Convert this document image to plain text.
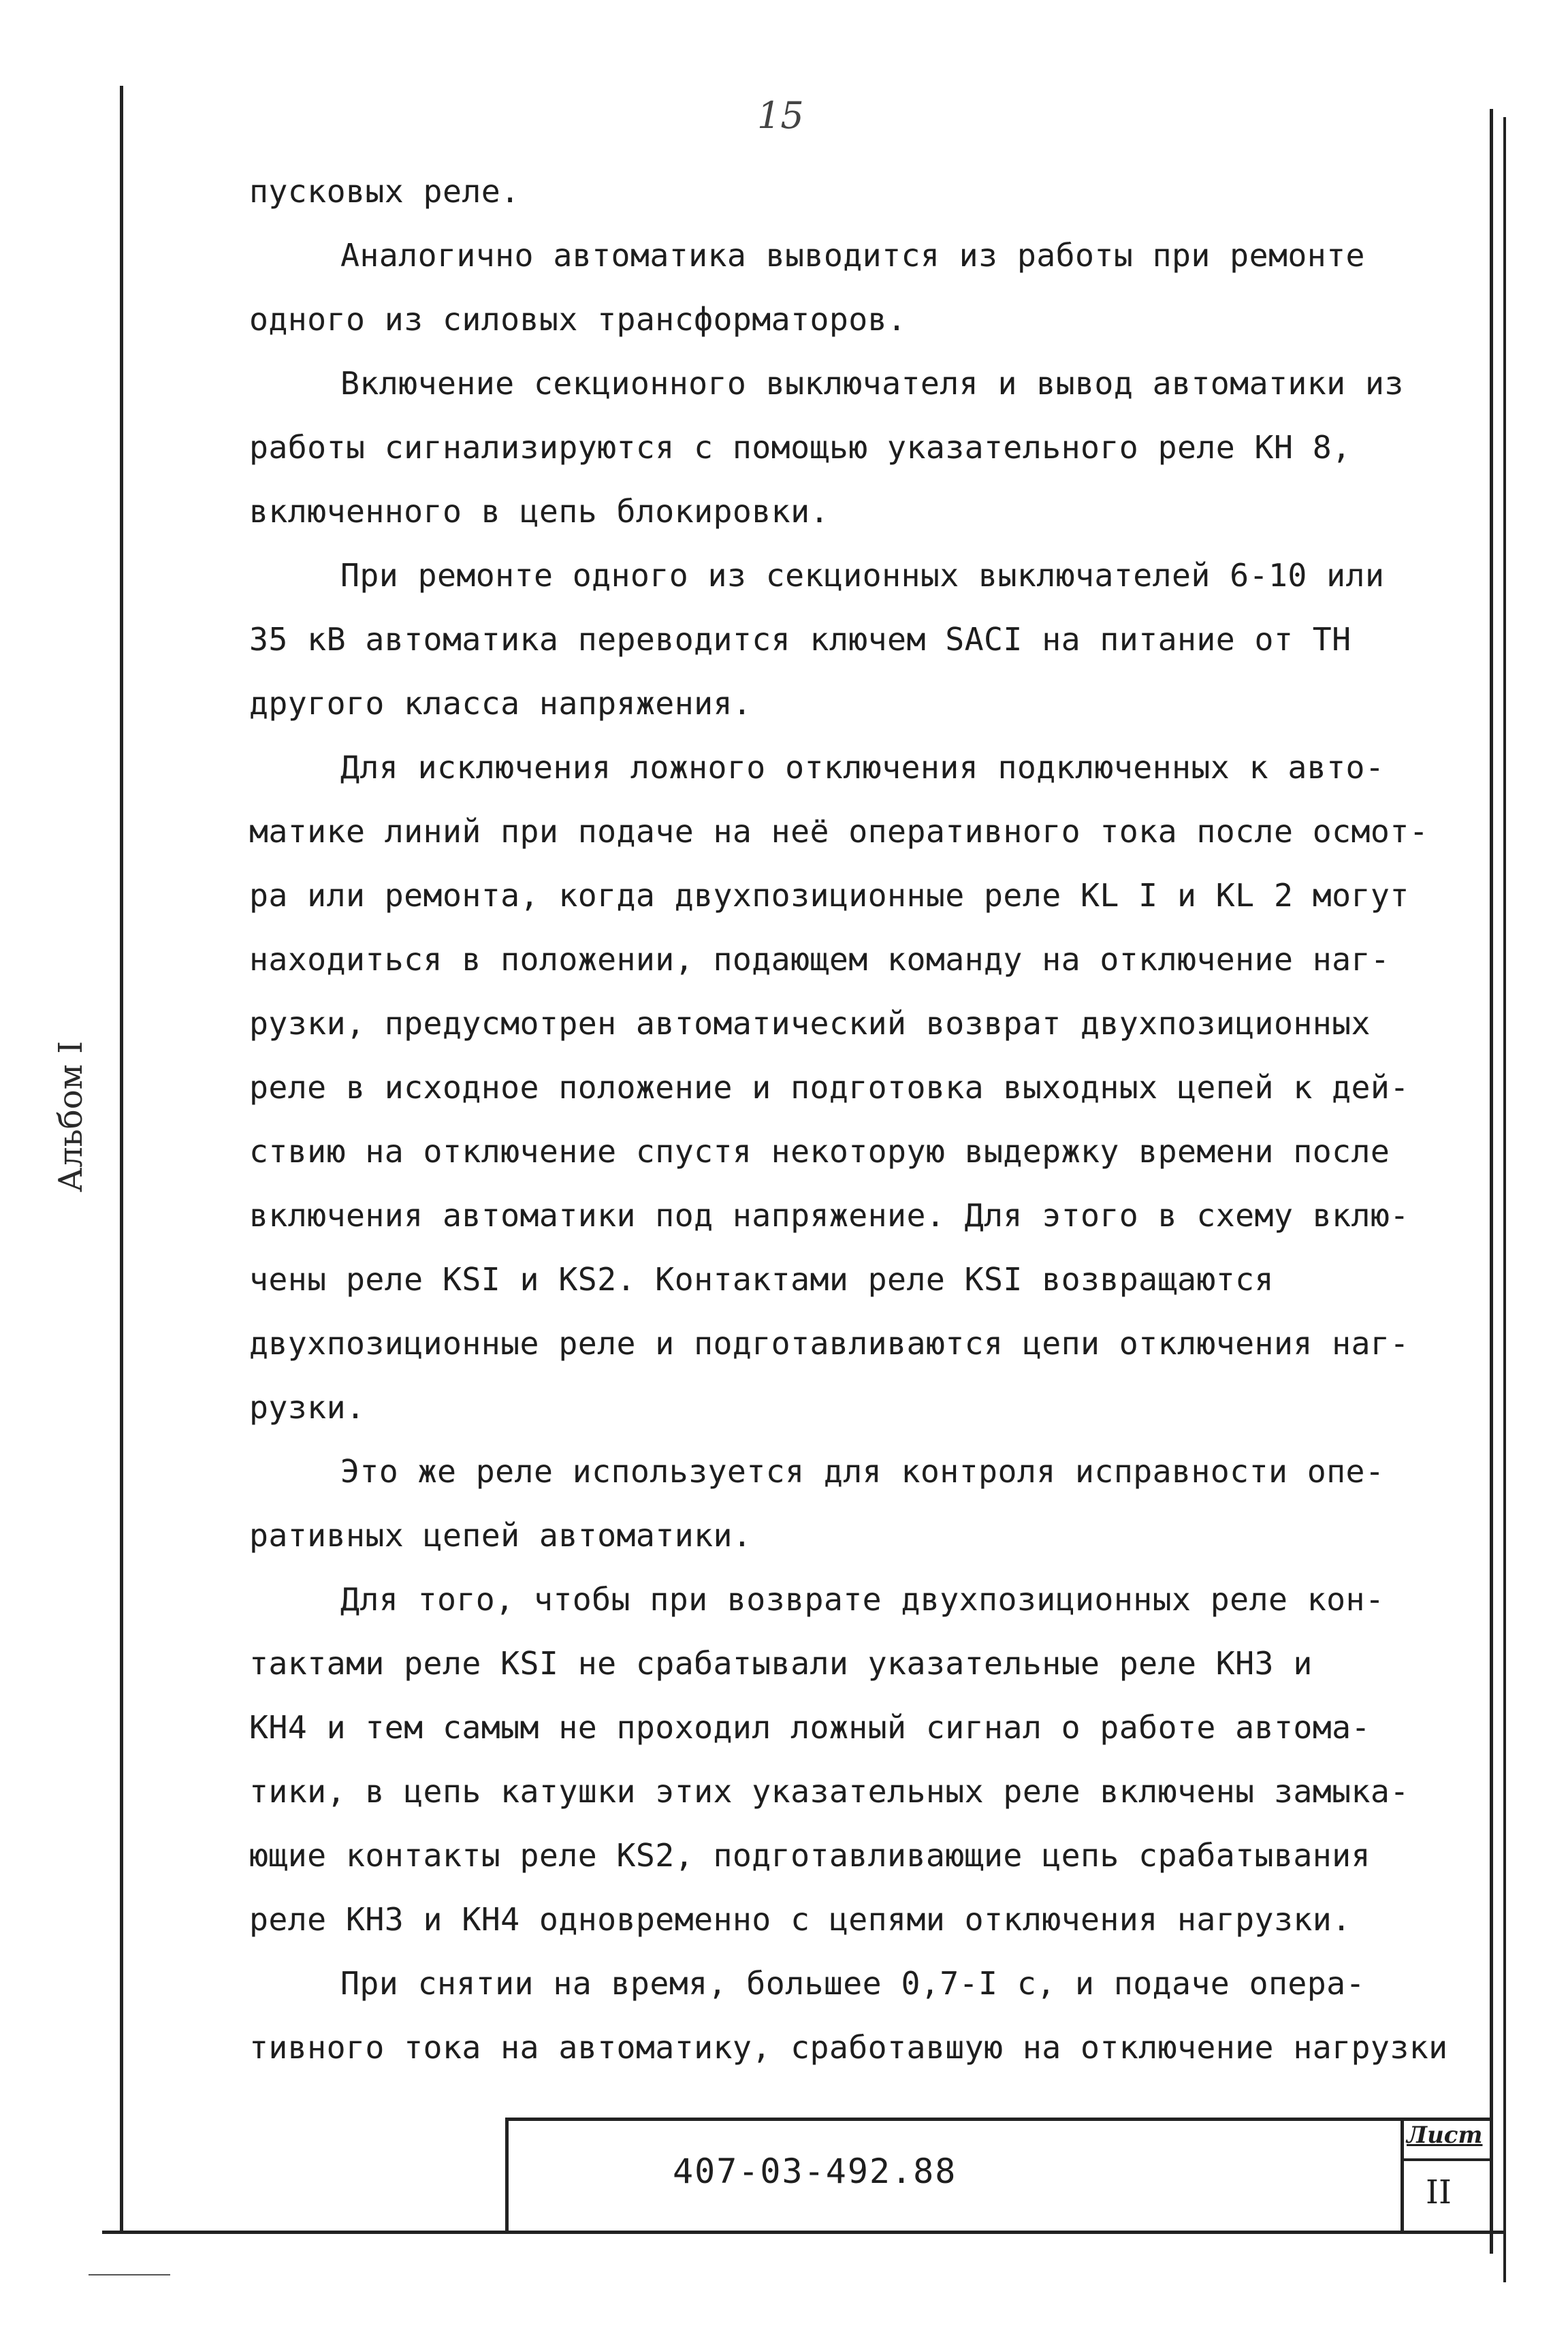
15
Альбом I
пусковых реле.
Аналогично автоматика выводится из работы при ремонте
одного из силовых трансформаторов.
Включение секционного выключателя и вывод автоматики из
работы сигнализируются с помощью указательного реле КН 8,
включенного в цепь блокировки.
При ремонте одного из секционных выключателей 6-10 или
35 кВ автоматика переводится ключем SACI на питание от ТН
другого класса напряжения.
Для исключения ложного отключения подключенных к авто-
матике линий при подаче на неё оперативного тока после осмот-
ра или ремонта, когда двухпозиционные реле КL I и КL 2 могут
находиться в положении, подающем команду на отключение наг-
рузки, предусмотрен автоматический возврат двухпозиционных
реле в исходное положение и подготовка выходных цепей к дей-
ствию на отключение спустя некоторую выдержку времени после
включения автоматики под напряжение. Для этого в схему вклю-
чены реле КSI и КS2. Контактами реле КSI возвращаются
двухпозиционные реле и подготавливаются цепи отключения наг-
рузки.
Это же реле используется для контроля исправности опе-
ративных цепей автоматики.
Для того, чтобы при возврате двухпозиционных реле кон-
тактами реле КSI не срабатывали указательные реле КН3 и
КН4 и тем самым не проходил ложный сигнал о работе автома-
тики, в цепь катушки этих указательных реле включены замыка-
ющие контакты реле КS2, подготавливающие цепь срабатывания
реле КН3 и КН4 одновременно с цепями отключения нагрузки.
При снятии на время, большее 0,7-I с, и подаче опера-
тивного тока на автоматику, сработавшую на отключение нагрузки
407-03-492.88
Лист
II
